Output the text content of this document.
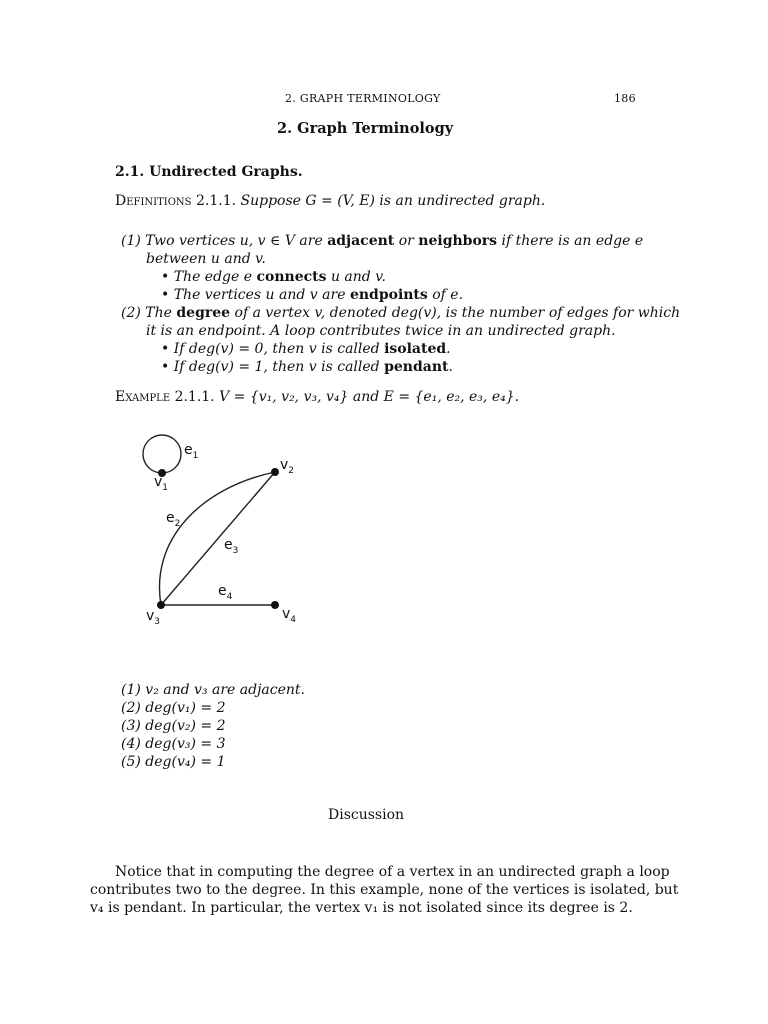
2. GRAPH TERMINOLOGY	186
2. Graph Terminology
2.1. Undirected Graphs.
Definitions 2.1.1. Suppose G = (V, E) is an undirected graph.
(1) Two vertices u, v ∈ V are adjacent or neighbors if there is an edge e
between u and v.
• The edge e connects u and v.
• The vertices u and v are endpoints of e.
(2) The degree of a vertex v, denoted deg(v), is the number of edges for which
it is an endpoint. A loop contributes twice in an undirected graph.
• If deg(v) = 0, then v is called isolated.
• If deg(v) = 1, then v is called pendant.
Example 2.1.1. V = {v₁, v₂, v₃, v₄} and E = {e₁, e₂, e₃, e₄}.
$e_1$
$v_1$
$v_2$
$e_2$
$e_3$
$e_4$
$v_3$	$v_4$
(1) v₂ and v₃ are adjacent.
(2) deg(v₁) = 2
(3) deg(v₂) = 2
(4) deg(v₃) = 3
(5) deg(v₄) = 1
Discussion
Notice that in computing the degree of a vertex in an undirected graph a loop
contributes two to the degree. In this example, none of the vertices is isolated, but
v₄ is pendant. In particular, the vertex v₁ is not isolated since its degree is 2.
